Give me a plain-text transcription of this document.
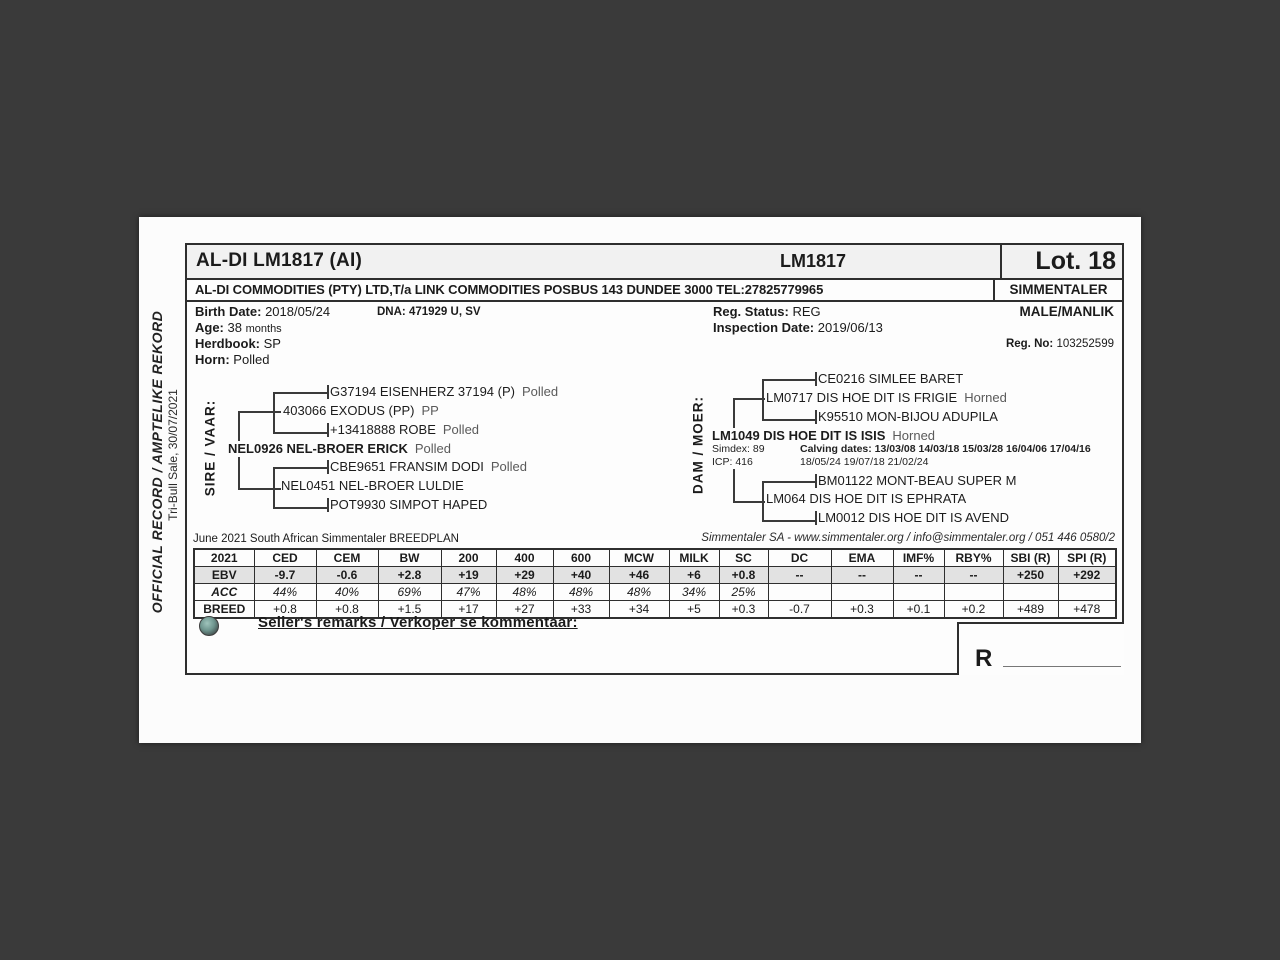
OFFICIAL RECORD / AMPTELIKE REKORD Tri-Bull Sale, 30/07/2021
AL-DI LM1817 (AI)	LM1817	Lot. 18
AL-DI COMMODITIES (PTY) LTD,T/a LINK COMMODITIES POSBUS 143 DUNDEE 3000 TEL:27825779965	SIMMENTALER
Birth Date: 2018/05/24
Age: 38 months
Herdbook: SP
Horn: Polled
DNA: 471929 U, SV	Reg. Status: REG
Inspection Date: 2019/06/13
MALE/MANLIK
Reg. No: 103252599
SIRE / VAAR:
G37194 EISENHERZ 37194 (P) Polled
403066 EXODUS (PP) PP
+13418888 ROBE Polled
NEL0926 NEL-BROER ERICK Polled
CBE9651 FRANSIM DODI Polled
NEL0451 NEL-BROER LULDIE
POT9930 SIMPOT HAPED
DAM / MOER:
CE0216 SIMLEE BARET
LM0717 DIS HOE DIT IS FRIGIE Horned
K95510 MON-BIJOU ADUPILA
LM1049 DIS HOE DIT IS ISIS Horned
Simdex: 89
ICP: 416
Calving dates: 13/03/08 14/03/18 15/03/28 16/04/06 17/04/16
18/05/24 19/07/18 21/02/24
BM01122 MONT-BEAU SUPER M
LM064 DIS HOE DIT IS EPHRATA
LM0012 DIS HOE DIT IS AVEND
June 2021 South African Simmentaler BREEDPLAN	Simmentaler SA - www.simmentaler.org / info@simmentaler.org / 051 446 0580/2
2021	CED	CEM	BW	200	400	600	MCW	MILK	SC	DC	EMA	IMF%	RBY%	SBI (R)	SPI (R)
EBV	-9.7	-0.6	+2.8	+19	+29	+40	+46	+6	+0.8	--	--	--	--	+250	+292
ACC	44%	40%	69%	47%	48%	48%	48%	34%	25%						
BREED	+0.8	+0.8	+1.5	+17	+27	+33	+34	+5	+0.3	-0.7	+0.3	+0.1	+0.2	+489	+478
Seller's remarks / Verkoper se kommentaar:
R
